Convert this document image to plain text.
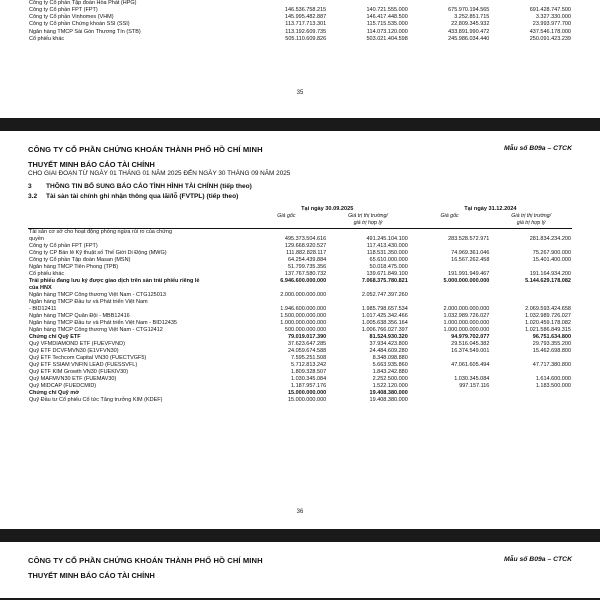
Công ty Cổ phần Tập đoàn Hòa Phát (HPG)				
Công ty Cổ phần FPT (FPT)	146.536.758.215	140.721.555.000	675.970.194.565	691.428.747.500
Công ty Cổ phần Vinhomes (VHM)	145.995.482.887	146.417.448.500	3.252.851.715	3.327.330.000
Công ty Cổ phần Chứng khoán SSI (SSI)	113.717.713.301	115.715.535.000	22.809.345.932	23.993.977.700
Ngân hàng TMCP Sài Gòn Thương Tín (STB)	113.192.609.735	114.073.120.000	433.891.990.472	437.546.178.000
Cổ phiếu khác	505.110.609.826	503.021.404.598	245.986.034.440	250.091.423.239
35
CÔNG TY CỔ PHẦN CHỨNG KHOÁN THÀNH PHỐ HỒ CHÍ MINH	Mẫu số B09a – CTCK
THUYẾT MINH BÁO CÁO TÀI CHÍNH
CHO GIAI ĐOẠN TỪ NGÀY 01 THÁNG 01 NĂM 2025 ĐẾN NGÀY 30 THÁNG 09 NĂM 2025
3	THÔNG TIN BỔ SUNG BÁO CÁO TÌNH HÌNH TÀI CHÍNH (tiếp theo)
3.2 Tài sản tài chính ghi nhận thông qua lãi/lỗ (FVTPL) (tiếp theo)
	Tại ngày 30.09.2025		Tại ngày 31.12.2024	
	Giá gốc	Giá trị thị trường/	Giá gốc	Giá trị thị trường/
		giá trị hợp lý		giá trị hợp lý

Tài sản cơ sở cho hoạt động phòng ngừa rủi ro của chứng				
quyền	495.373.504.616	491.245.104.100	283.528.572.971	281.834.234.200
Công ty Cổ phần FPT (FPT)	129.668.920.527	117.413.430.000		
Công ty CP Bán lẻ Kỹ thuật số Thế Giới Di Động (MWG)	111.882.828.117	118.531.350.000	74.969.361.046	75.267.900.000
Công ty Cổ phần Tập đoàn Masan (MSN)	64.254.439.884	65.610.000.000	16.567.262.458	15.401.400.000
Ngân hàng TMCP Tiên Phong (TPB)	51.799.735.356	50.018.475.000		
Cổ phiếu khác	137.767.580.732	139.671.849.100	191.991.949.467	191.164.934.200
Trái phiếu đang lưu ký được giao dịch trên sàn trái phiếu riêng lẻ	6.946.600.000.000	7.068.375.780.821	5.000.000.000.000	5.144.629.178.082
của HNX				
Ngân hàng TMCP Công thương Việt Nam - CTG125013	2.000.000.000.000	2.052.747.397.260		
Ngân hàng TMCP Đầu tư và Phát triển Việt Nam				
- BID12411	1.946.600.000.000	1.985.798.657.534	2.000.000.000.000	2.069.593.424.658
Ngân hàng TMCP Quân Đội - MBB12416	1.500.000.000.000	1.017.425.342.466	1.032.989.726.027	1.032.989.726.027
Ngân hàng TMCP Đầu tư và Phát triển Việt Nam - BID12435	1.000.000.000.000	1.005.638.356.164	1.000.000.000.000	1.020.459.178.082
Ngân hàng TMCP Công thương Việt Nam - CTG12412	500.000.000.000	1.006.766.027.397	1.000.000.000.000	1.021.586.849.315
Chứng chỉ Quỹ ETF	79.019.017.390	81.524.930.320	94.979.702.077	96.751.634.800
Quỹ VFMDIAMOND ETF (FUEVFVND)	37.623.647.285	37.934.423.800	29.516.045.382	29.793.355.200
Quỹ ETF DCVFMVN30 (E1VFVN30)	24.059.674.588	24.484.609.280	16.374.549.001	15.462.698.800
Quỹ ETF Techcom Capital VN30 (FUECTVGF5)	7.595.251.508	8.348.098.880		
Quỹ ETF SSIAM VNFIN LEAD (FUESSVFL)	5.712.813.242	5.663.935.860	47.061.605.494	47.717.380.800
Quỹ ETF KIM Growth VN30 (FUEKIV30)	1.809.328.507	1.843.242.880		
Quỹ MAFMVN30 ETF (FUEMAV30)	1.030.345.084	2.252.500.000	1.030.345.084	1.614.600.000
Quỹ MIDCAP (FUEDCMID)	1.187.957.176	1.522.120.000	997.157.116	1.183.500.000
Chứng chỉ Quỹ mở	15.000.000.000	19.408.380.000		
Quỹ Đầu tư Cổ phiếu Cổ tức Tăng trưởng KIM (KDEF)	15.000.000.000	19.408.380.000		
36
CÔNG TY CỔ PHẦN CHỨNG KHOÁN THÀNH PHỐ HỒ CHÍ MINH	Mẫu số B09a – CTCK
THUYẾT MINH BÁO CÁO TÀI CHÍNH
